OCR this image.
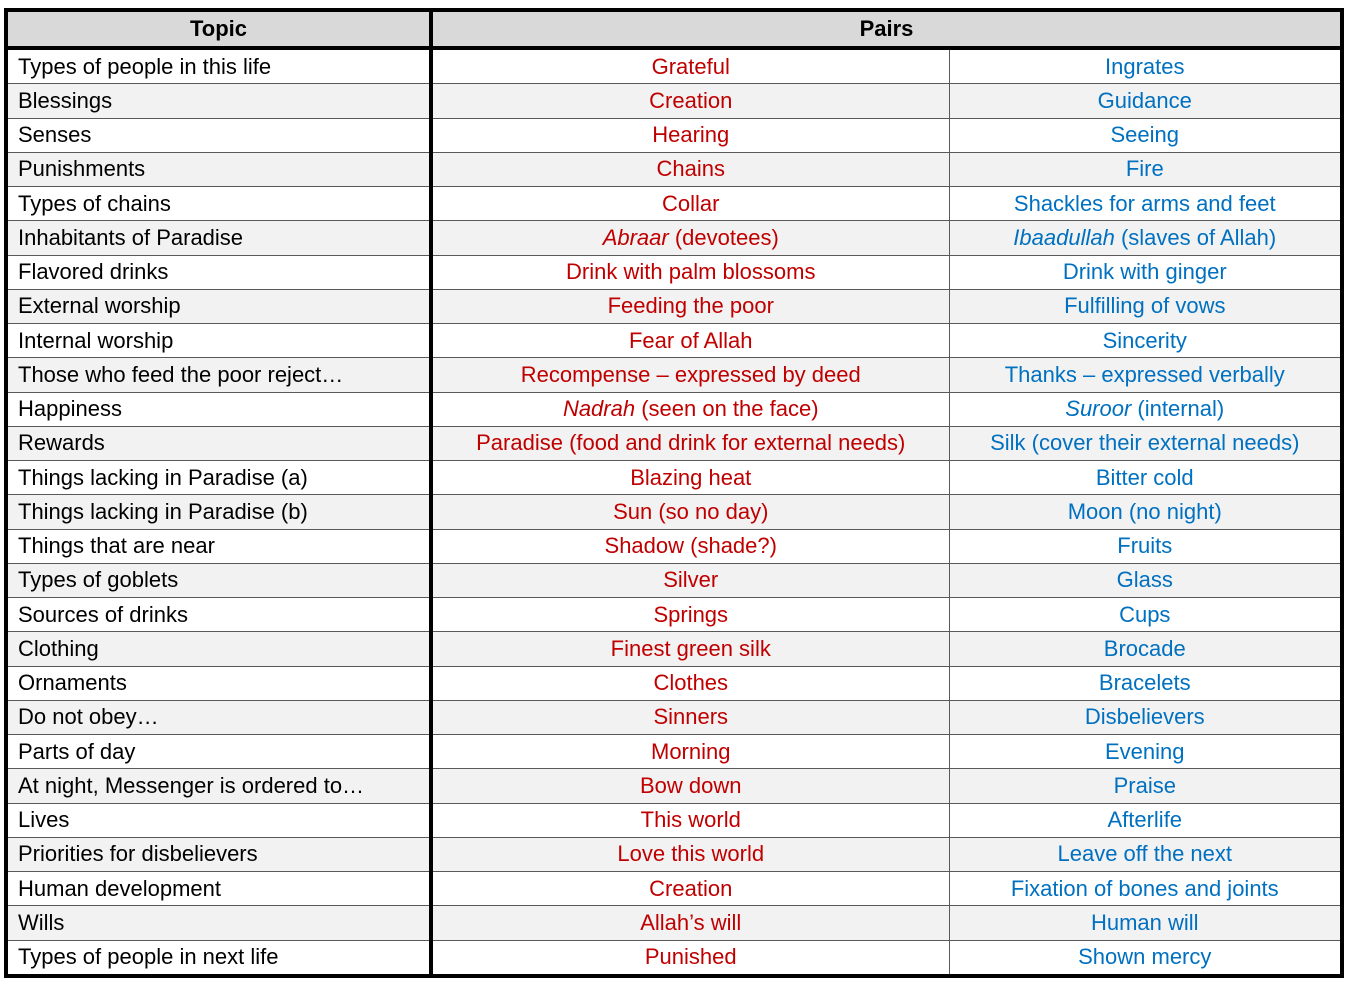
Topic	Pairs	
Types of people in this life	Grateful	Ingrates
Blessings	Creation	Guidance
Senses	Hearing	Seeing
Punishments	Chains	Fire
Types of chains	Collar	Shackles for arms and feet
Inhabitants of Paradise	Abraar (devotees)	Ibaadullah (slaves of Allah)
Flavored drinks	Drink with palm blossoms	Drink with ginger
External worship	Feeding the poor	Fulfilling of vows
Internal worship	Fear of Allah	Sincerity
Those who feed the poor reject…	Recompense – expressed by deed	Thanks – expressed verbally
Happiness	Nadrah (seen on the face)	Suroor (internal)
Rewards	Paradise (food and drink for external needs)	Silk (cover their external needs)
Things lacking in Paradise (a)	Blazing heat	Bitter cold
Things lacking in Paradise (b)	Sun (so no day)	Moon (no night)
Things that are near	Shadow (shade?)	Fruits
Types of goblets	Silver	Glass
Sources of drinks	Springs	Cups
Clothing	Finest green silk	Brocade
Ornaments	Clothes	Bracelets
Do not obey…	Sinners	Disbelievers
Parts of day	Morning	Evening
At night, Messenger is ordered to…	Bow down	Praise
Lives	This world	Afterlife
Priorities for disbelievers	Love this world	Leave off the next
Human development	Creation	Fixation of bones and joints
Wills	Allah’s will	Human will
Types of people in next life	Punished	Shown mercy
